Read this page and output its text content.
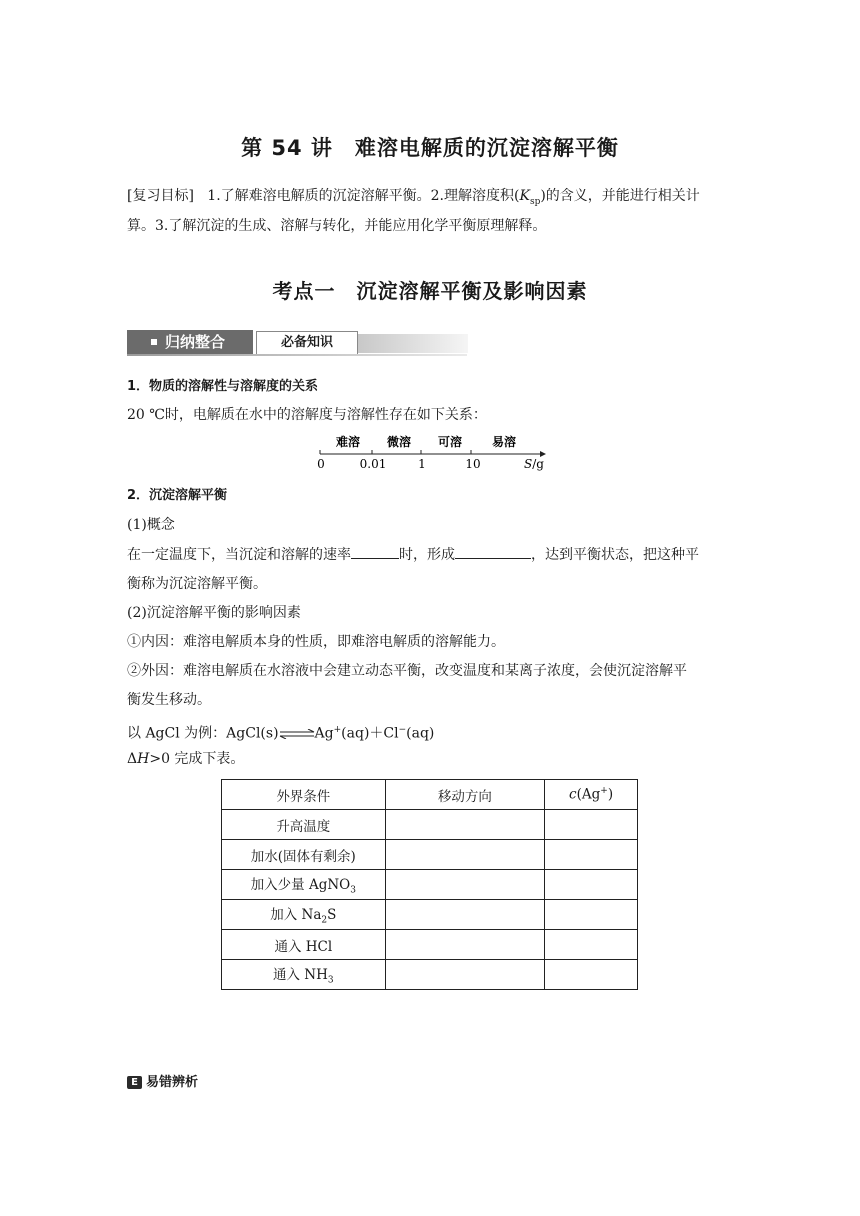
第 54 讲　难溶电解质的沉淀溶解平衡
[复习目标] 1.了解难溶电解质的沉淀溶解平衡。2.理解溶度积$(K_{sp})$的含义，并能进行相关计
算。3.了解沉淀的生成、溶解与转化，并能应用化学平衡原理解释。
考点一　沉淀溶解平衡及影响因素
归纳整合	必备知识
1．物质的溶解性与溶解度的关系
20 ℃时，电解质在水中的溶解度与溶解性存在如下关系：
难溶 微溶 可溶 易溶
0	0.01	1	10	S/g
2．沉淀溶解平衡
(1)概念
在一定温度下，当沉淀和溶解的速率	时，形成	，达到平衡状态，把这种平
衡称为沉淀溶解平衡。
(2)沉淀溶解平衡的影响因素
①内因：难溶电解质本身的性质，即难溶电解质的溶解能力。
②外因：难溶电解质在水溶液中会建立动态平衡，改变温度和某离子浓度，会使沉淀溶解平
衡发生移动。
以 AgCl 为例：AgCl(s)⇌Ag+(aq)＋Cl−(aq)
ΔH>0 完成下表。
外界条件	移动方向	c(Ag+)
升高温度		
加水(固体有剩余)		
加入少量 AgNO$_3$		
加入 $Na_2S$		
通入 HCl		
通入 $NH_3$		
E 易错辨析
